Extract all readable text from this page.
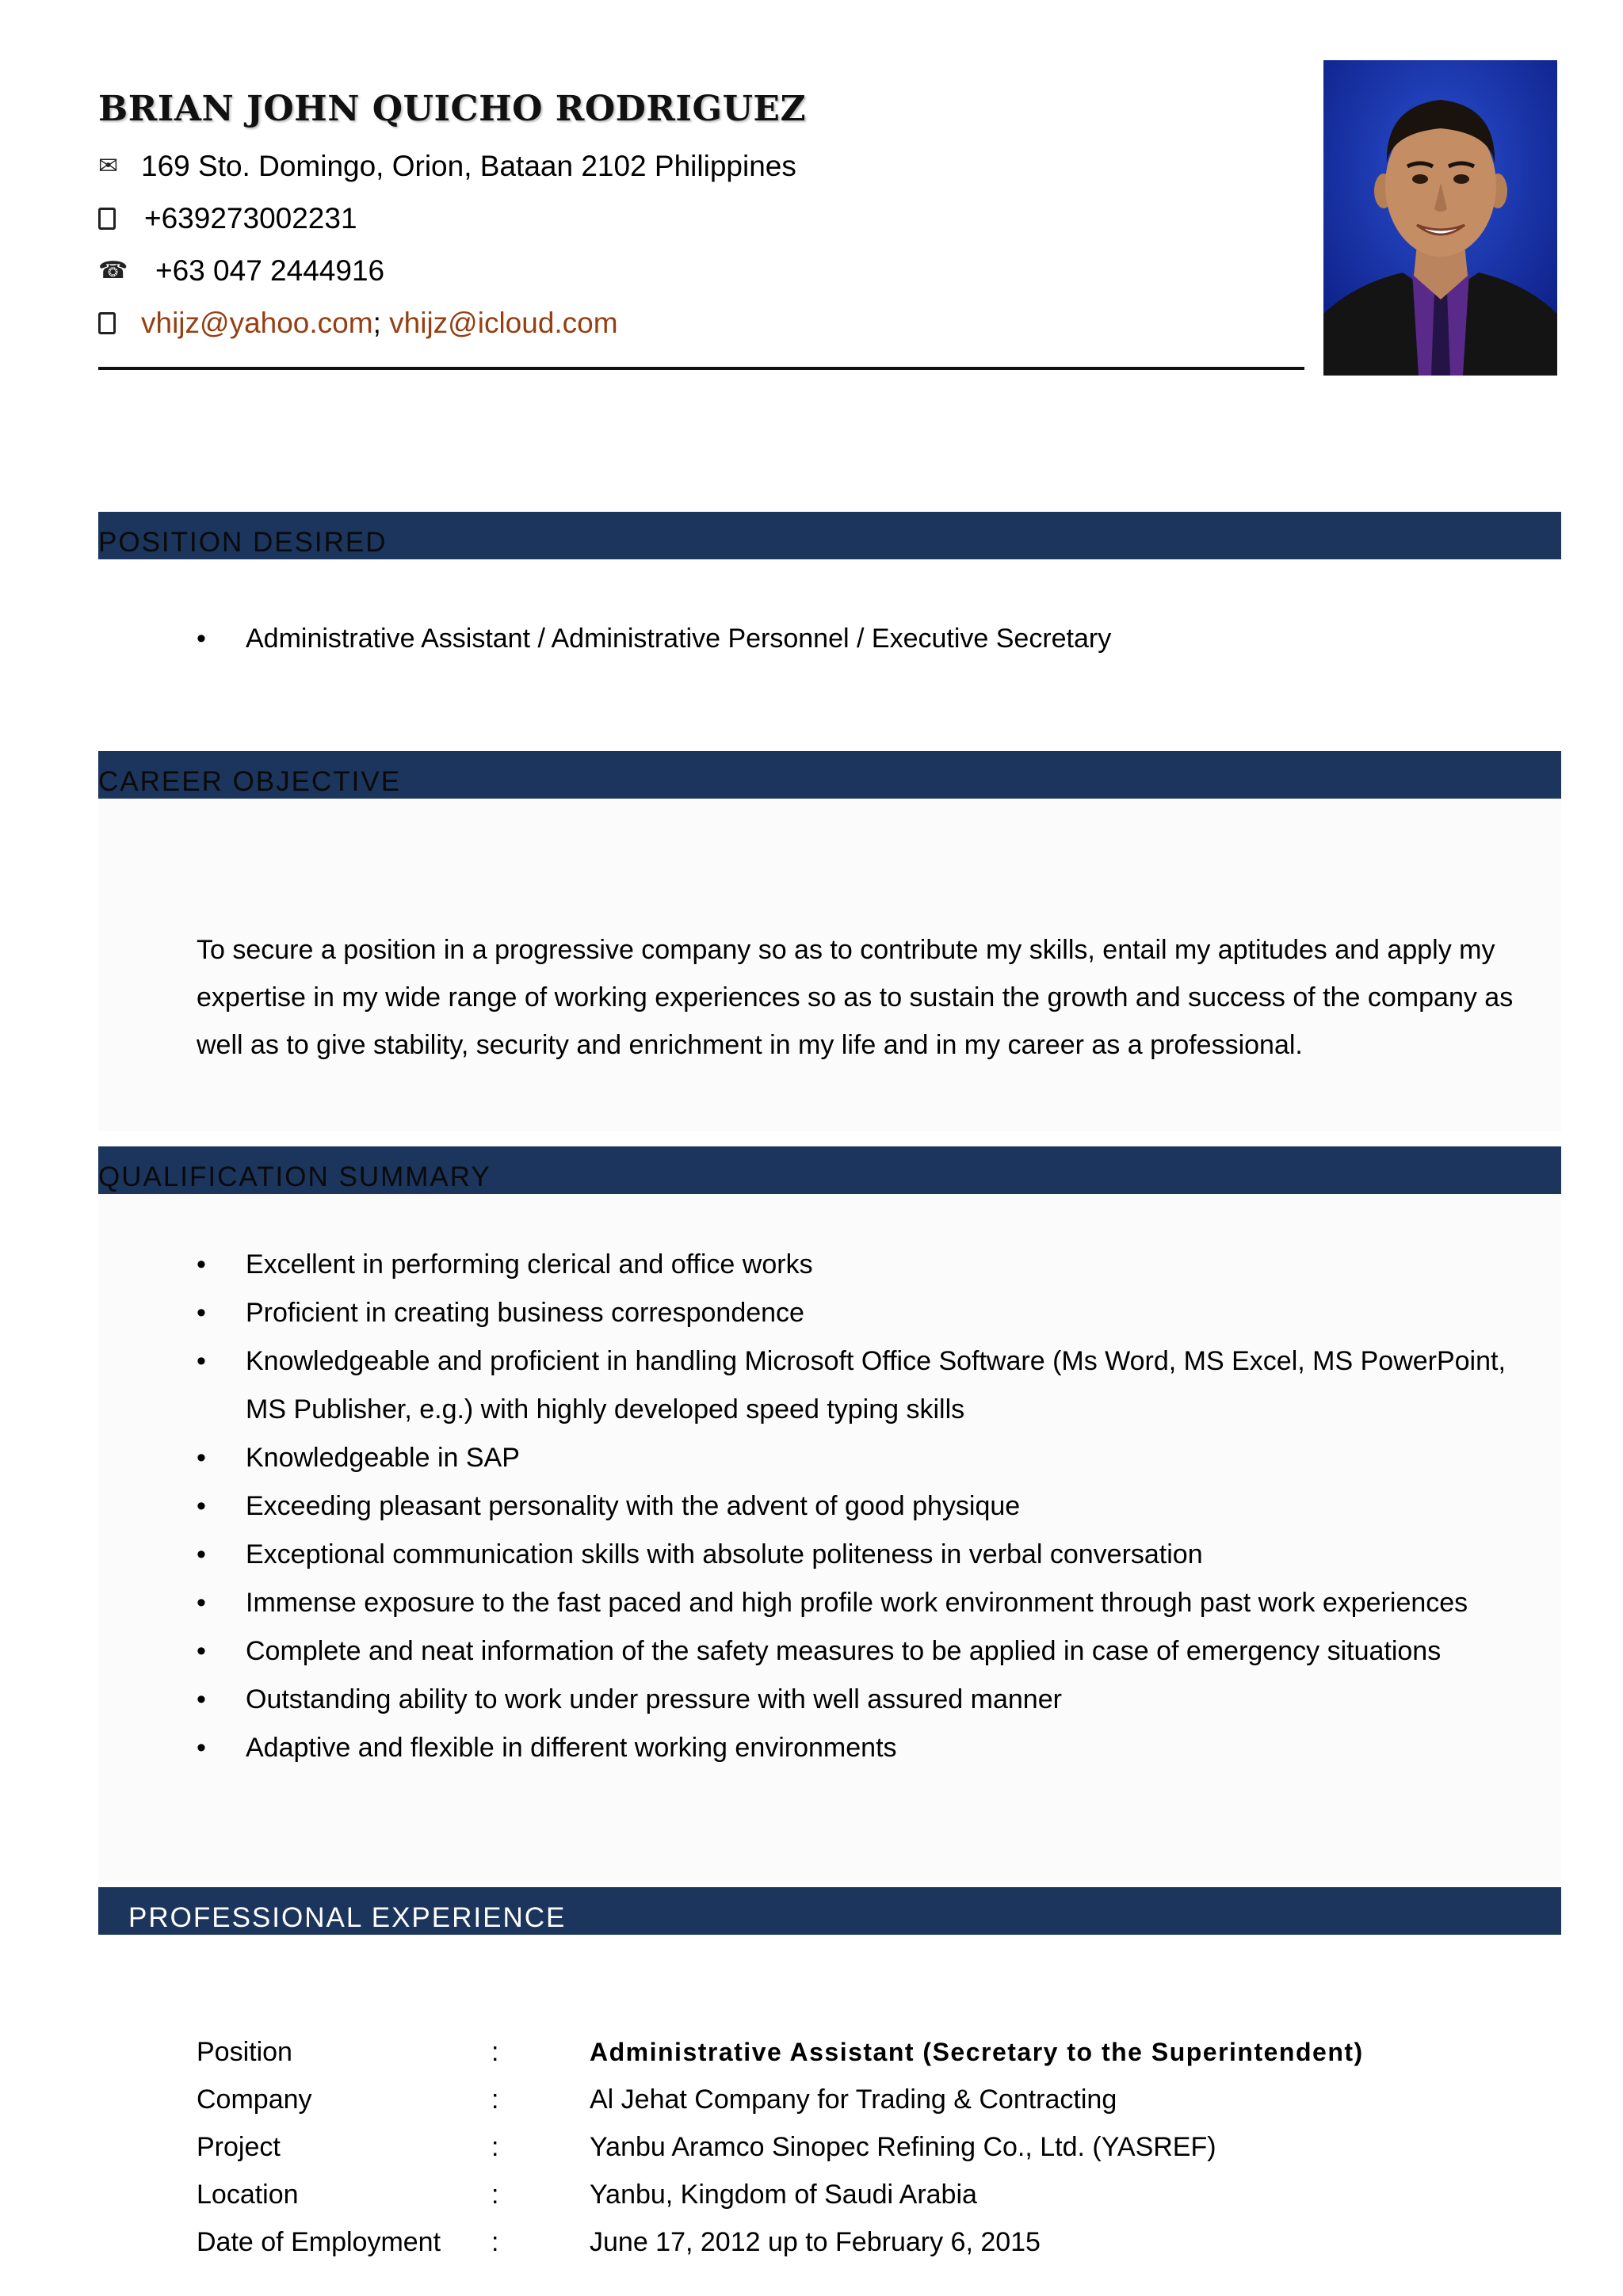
BRIAN JOHN QUICHO RODRIGUEZ
✉ 169 Sto. Domingo, Orion, Bataan 2102 Philippines
+639273002231
☎ +63 047 2444916
vhijz@yahoo.com; vhijz@icloud.com
POSITION DESIRED
• Administrative Assistant / Administrative Personnel / Executive Secretary
CAREER OBJECTIVE
To secure a position in a progressive company so as to contribute my skills, entail my aptitudes and apply my
expertise in my wide range of working experiences so as to sustain the growth and success of the company as
well as to give stability, security and enrichment in my life and in my career as a professional.
QUALIFICATION SUMMARY
• Excellent in performing clerical and office works
• Proficient in creating business correspondence
• Knowledgeable and proficient in handling Microsoft Office Software (Ms Word, MS Excel, MS PowerPoint,
MS Publisher, e.g.) with highly developed speed typing skills
• Knowledgeable in SAP
• Exceeding pleasant personality with the advent of good physique
• Exceptional communication skills with absolute politeness in verbal conversation
• Immense exposure to the fast paced and high profile work environment through past work experiences
• Complete and neat information of the safety measures to be applied in case of emergency situations
• Outstanding ability to work under pressure with well assured manner
• Adaptive and flexible in different working environments
PROFESSIONAL EXPERIENCE
Position	:	Administrative Assistant (Secretary to the Superintendent)
Company	:	Al Jehat Company for Trading & Contracting
Project	:	Yanbu Aramco Sinopec Refining Co., Ltd. (YASREF)
Location	:	Yanbu, Kingdom of Saudi Arabia
Date of Employment :	June 17, 2012 up to February 6, 2015
